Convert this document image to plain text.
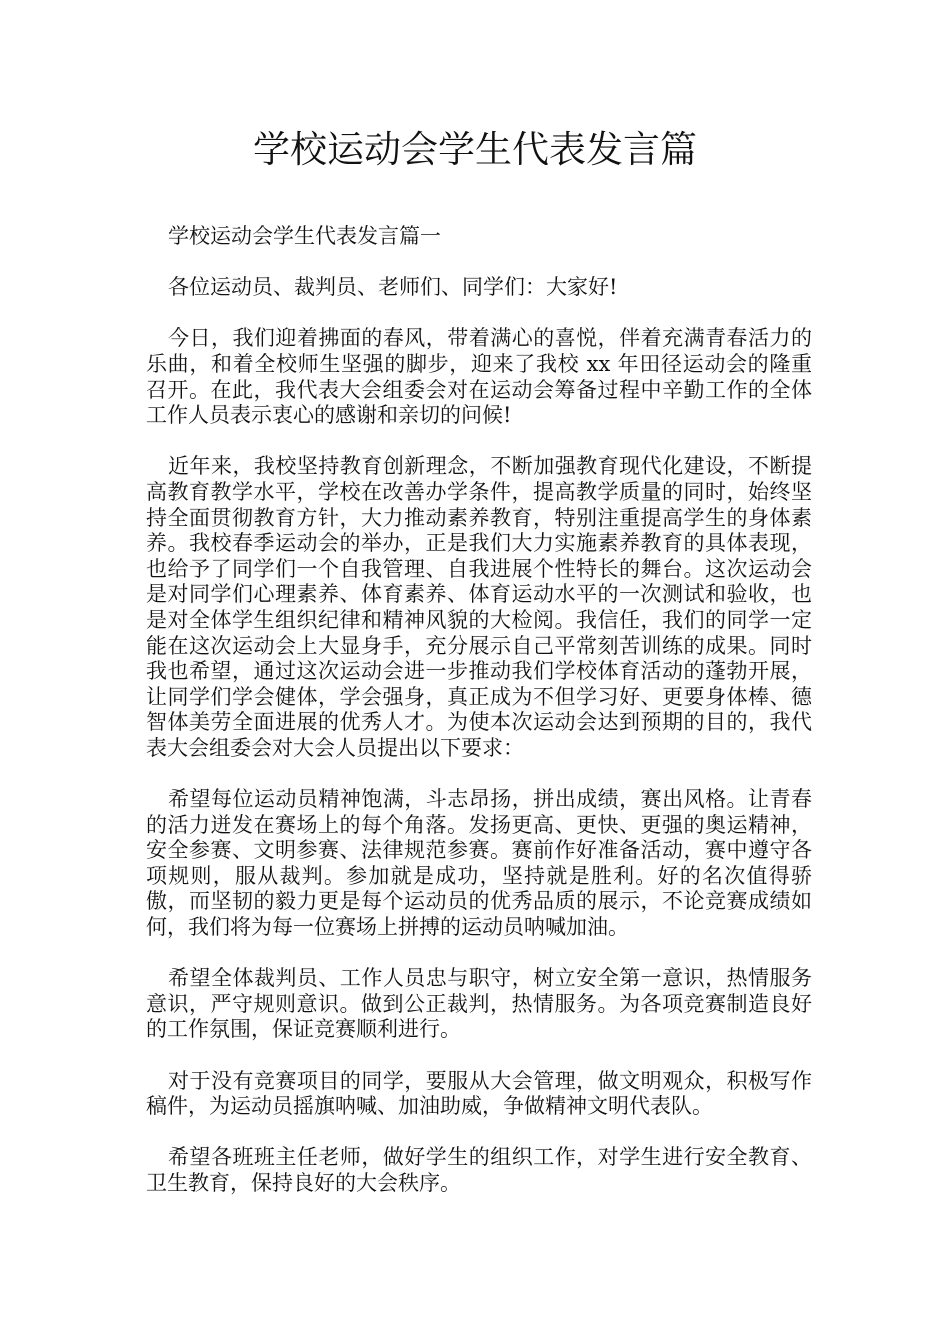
学校运动会学生代表发言篇

学校运动会学生代表发言篇一

各位运动员、裁判员、老师们、同学们：大家好!

今日，我们迎着拂面的春风，带着满心的喜悦，伴着充满青春活力的乐曲，和着全校师生坚强的脚步，迎来了我校 xx 年田径运动会的隆重召开。在此，我代表大会组委会对在运动会筹备过程中辛勤工作的全体工作人员表示衷心的感谢和亲切的问候!

近年来，我校坚持教育创新理念，不断加强教育现代化建设，不断提高教育教学水平，学校在改善办学条件，提高教学质量的同时，始终坚持全面贯彻教育方针，大力推动素养教育，特别注重提高学生的身体素养。我校春季运动会的举办，正是我们大力实施素养教育的具体表现，也给予了同学们一个自我管理、自我进展个性特长的舞台。这次运动会是对同学们心理素养、体育素养、体育运动水平的一次测试和验收，也是对全体学生组织纪律和精神风貌的大检阅。我信任，我们的同学一定能在这次运动会上大显身手，充分展示自己平常刻苦训练的成果。同时我也希望，通过这次运动会进一步推动我们学校体育活动的蓬勃开展，让同学们学会健体，学会强身，真正成为不但学习好、更要身体棒、德智体美劳全面进展的优秀人才。为使本次运动会达到预期的目的，我代表大会组委会对大会人员提出以下要求：

希望每位运动员精神饱满，斗志昂扬，拼出成绩，赛出风格。让青春的活力迸发在赛场上的每个角落。发扬更高、更快、更强的奥运精神，安全参赛、文明参赛、法律规范参赛。赛前作好准备活动，赛中遵守各项规则，服从裁判。参加就是成功，坚持就是胜利。好的名次值得骄傲，而坚韧的毅力更是每个运动员的优秀品质的展示，不论竞赛成绩如何，我们将为每一位赛场上拼搏的运动员呐喊加油。

希望全体裁判员、工作人员忠与职守，树立安全第一意识，热情服务意识，严守规则意识。做到公正裁判，热情服务。为各项竞赛制造良好的工作氛围，保证竞赛顺利进行。

对于没有竞赛项目的同学，要服从大会管理，做文明观众，积极写作稿件，为运动员摇旗呐喊、加油助威，争做精神文明代表队。

希望各班班主任老师，做好学生的组织工作，对学生进行安全教育、卫生教育，保持良好的大会秩序。
